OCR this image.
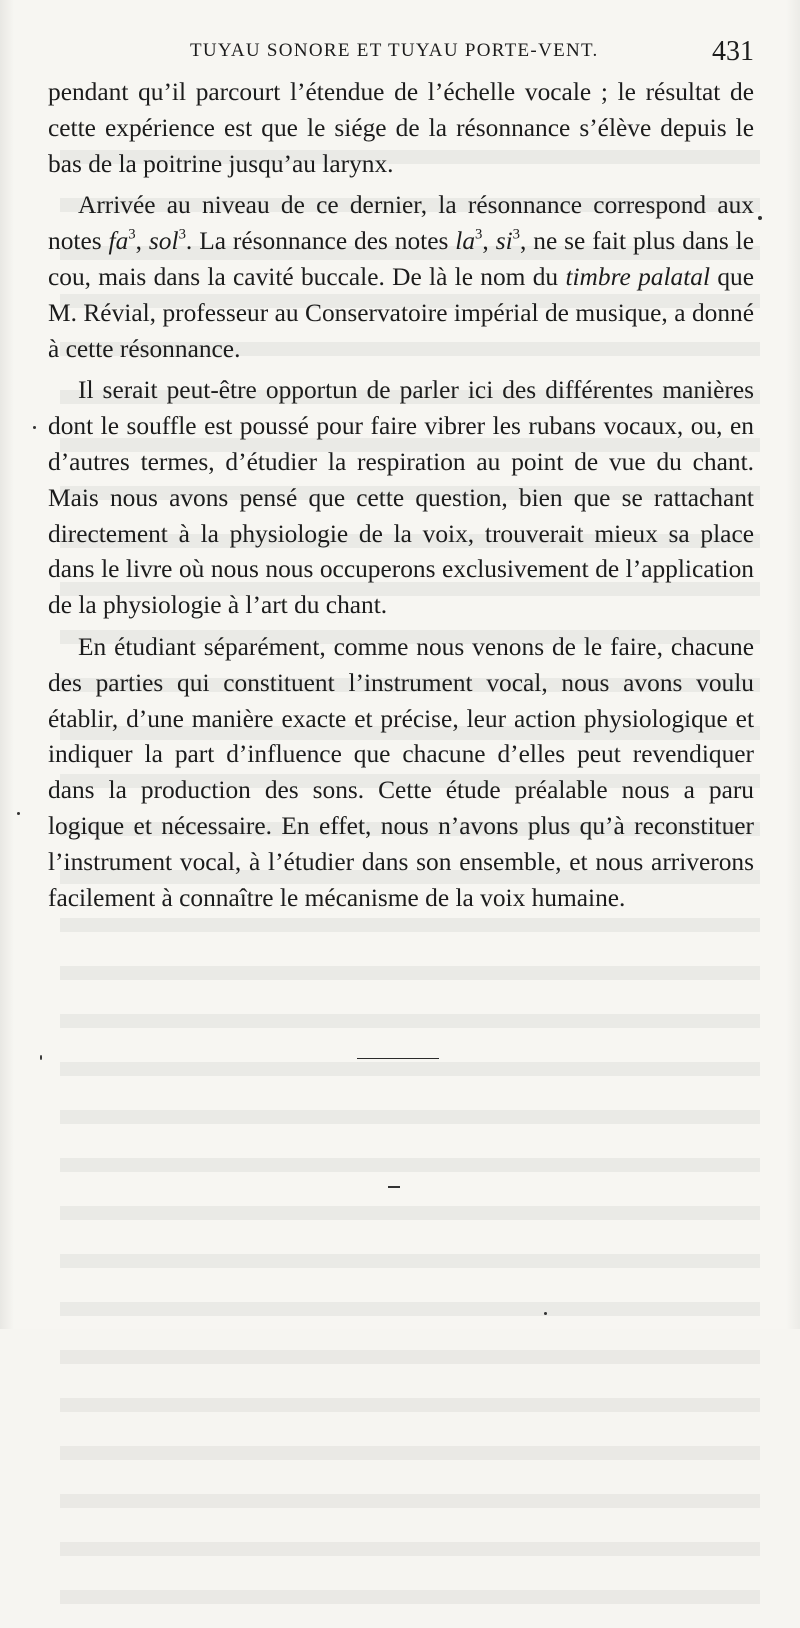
TUYAU SONORE ET TUYAU PORTE-VENT.	431

pendant qu’il parcourt l’étendue de l’échelle vocale ; le résultat de cette expérience est que le siége de la résonnance s’élève depuis le bas de la poitrine jusqu’au larynx.

Arrivée au niveau de ce dernier, la résonnance correspond aux notes $fa^3$, sol$^3$. La résonnance des notes $la^3$, $si^3$, ne se fait plus dans le cou, mais dans la cavité buccale. De là le nom du timbre palatal que M. Révial, professeur au Conservatoire impérial de musique, a donné à cette résonnance.

Il serait peut-être opportun de parler ici des différentes manières dont le souffle est poussé pour faire vibrer les rubans vocaux, ou, en d’autres termes, d’étudier la respiration au point de vue du chant. Mais nous avons pensé que cette question, bien que se rattachant directement à la physiologie de la voix, trouverait mieux sa place dans le livre où nous nous occuperons exclusivement de l’application de la physiologie à l’art du chant.

En étudiant séparément, comme nous venons de le faire, chacune des parties qui constituent l’instrument vocal, nous avons voulu établir, d’une manière exacte et précise, leur action physiologique et indiquer la part d’influence que chacune d’elles peut revendiquer dans la production des sons. Cette étude préalable nous a paru logique et nécessaire. En effet, nous n’avons plus qu’à reconstituer l’instrument vocal, à l’étudier dans son ensemble, et nous arriverons facilement à connaître le mécanisme de la voix humaine.
